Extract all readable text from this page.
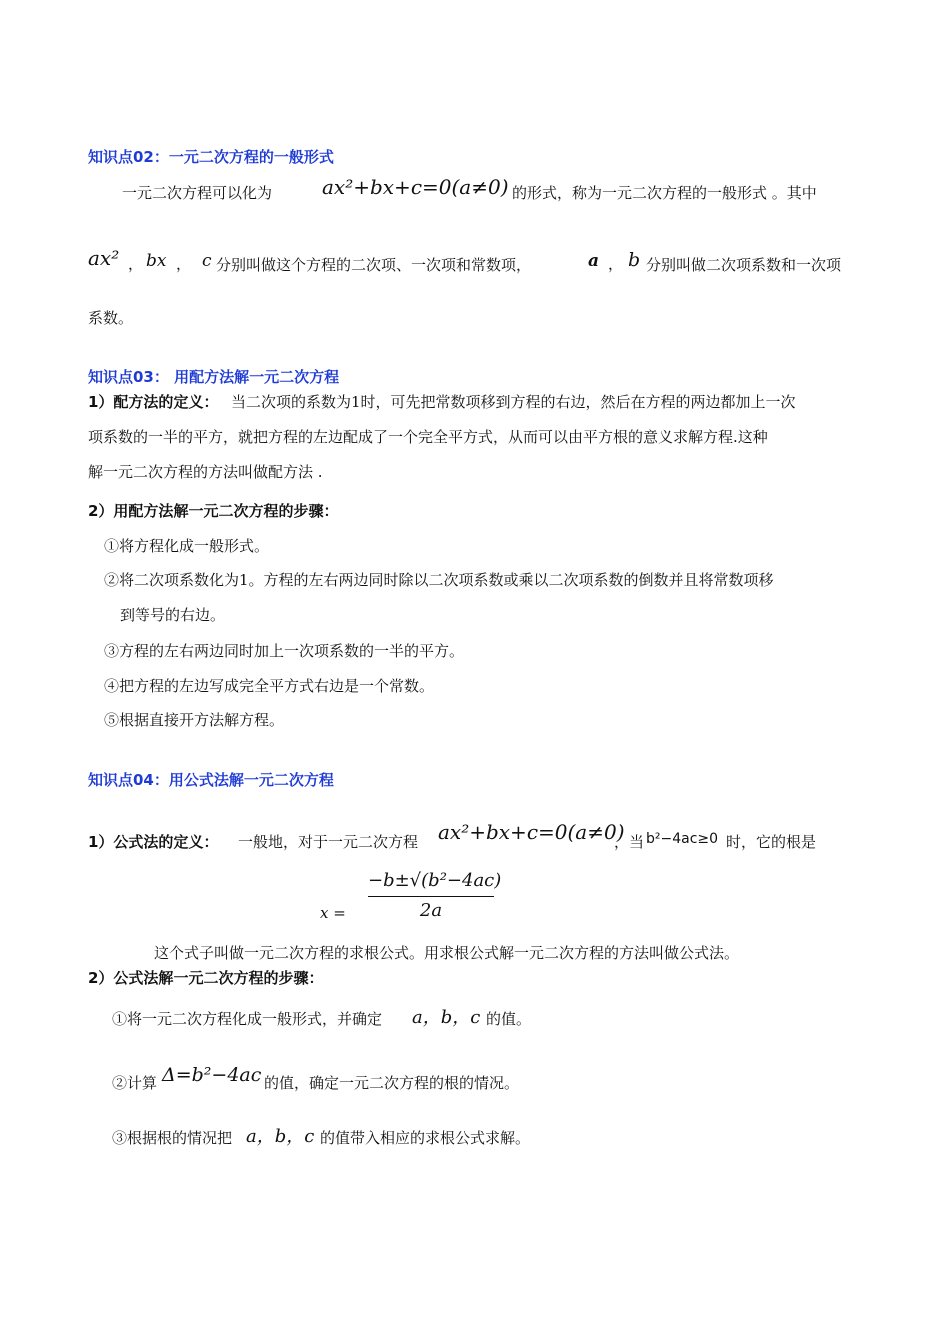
知识点02：一元二次方程的一般形式
一元二次方程可以化为 ax²+bx+c=0(a≠0) 的形式，称为一元二次方程的一般形式 。其中
ax² ， bx ， c 分别叫做这个方程的二次项、一次项和常数项，	a ， b 分别叫做二次项系数和一次项
系数。
知识点03： 用配方法解一元二次方程
1）配方法的定义： 当二次项的系数为1时，可先把常数项移到方程的右边，然后在方程的两边都加上一次
项系数的一半的平方，就把方程的左边配成了一个完全平方式，从而可以由平方根的意义求解方程.这种
解一元二次方程的方法叫做配方法 .
2）用配方法解一元二次方程的步骤：
①将方程化成一般形式。
②将二次项系数化为1。方程的左右两边同时除以二次项系数或乘以二次项系数的倒数并且将常数项移
到等号的右边。
③方程的左右两边同时加上一次项系数的一半的平方。
④把方程的左边写成完全平方式右边是一个常数。
⑤根据直接开方法解方程。
知识点04：用公式法解一元二次方程
1）公式法的定义： 一般地，对于一元二次方程 ax²+bx+c=0(a≠0)
，当 b²−4ac≥0 时，它的根是
x =
−b±√(b²−4ac)
2a
这个式子叫做一元二次方程的求根公式。用求根公式解一元二次方程的方法叫做公式法。
2）公式法解一元二次方程的步骤：
①将一元二次方程化成一般形式，并确定 a，b，c 的值。
②计算 Δ=b²−4ac 的值，确定一元二次方程的根的情况。
③根据根的情况把 a，b，c 的值带入相应的求根公式求解。
